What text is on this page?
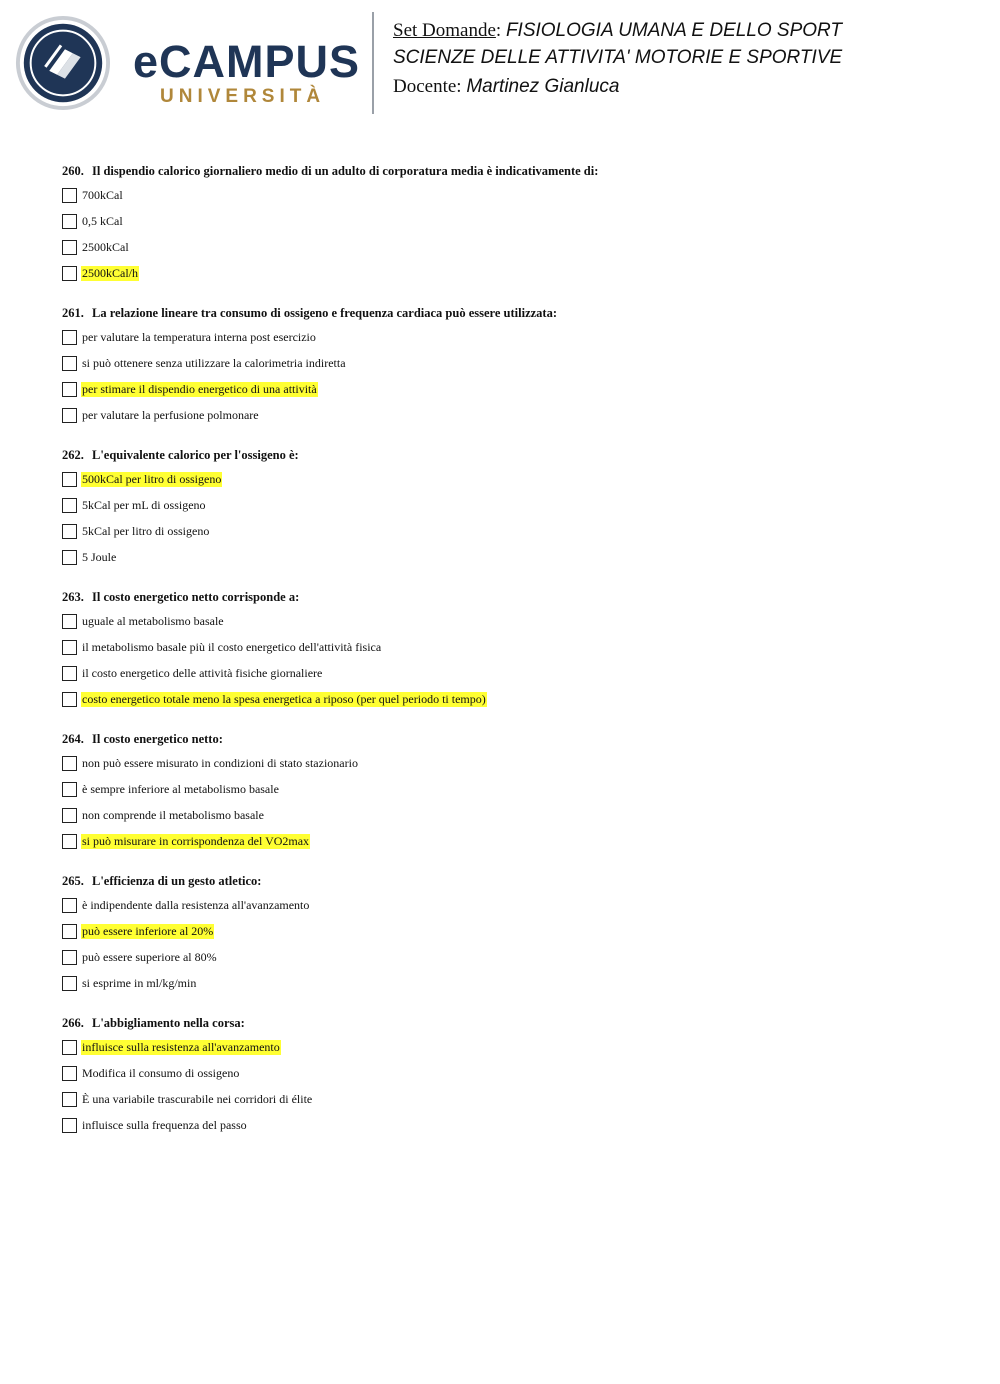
eCAMPUS
UNIVERSITÀ
Set Domande: FISIOLOGIA UMANA E DELLO SPORT
SCIENZE DELLE ATTIVITA' MOTORIE E SPORTIVE
Docente: Martinez Gianluca
260. Il dispendio calorico giornaliero medio di un adulto di corporatura media è indicativamente di:
700kCal
0,5 kCal
2500kCal
2500kCal/h
261. La relazione lineare tra consumo di ossigeno e frequenza cardiaca può essere utilizzata:
per valutare la temperatura interna post esercizio
si può ottenere senza utilizzare la calorimetria indiretta
per stimare il dispendio energetico di una attività
per valutare la perfusione polmonare
262. L'equivalente calorico per l'ossigeno è:
500kCal per litro di ossigeno
5kCal per mL di ossigeno
5kCal per litro di ossigeno
5 Joule
263. Il costo energetico netto corrisponde a:
uguale al metabolismo basale
il metabolismo basale più il costo energetico dell'attività fisica
il costo energetico delle attività fisiche giornaliere
costo energetico totale meno la spesa energetica a riposo (per quel periodo ti tempo)
264. Il costo energetico netto:
non può essere misurato in condizioni di stato stazionario
è sempre inferiore al metabolismo basale
non comprende il metabolismo basale
si può misurare in corrispondenza del VO2max
265. L'efficienza di un gesto atletico:
è indipendente dalla resistenza all'avanzamento
può essere inferiore al 20%
può essere superiore al 80%
si esprime in ml/kg/min
266. L'abbigliamento nella corsa:
influisce sulla resistenza all'avanzamento
Modifica il consumo di ossigeno
È una variabile trascurabile nei corridori di élite
influisce sulla frequenza del passo
